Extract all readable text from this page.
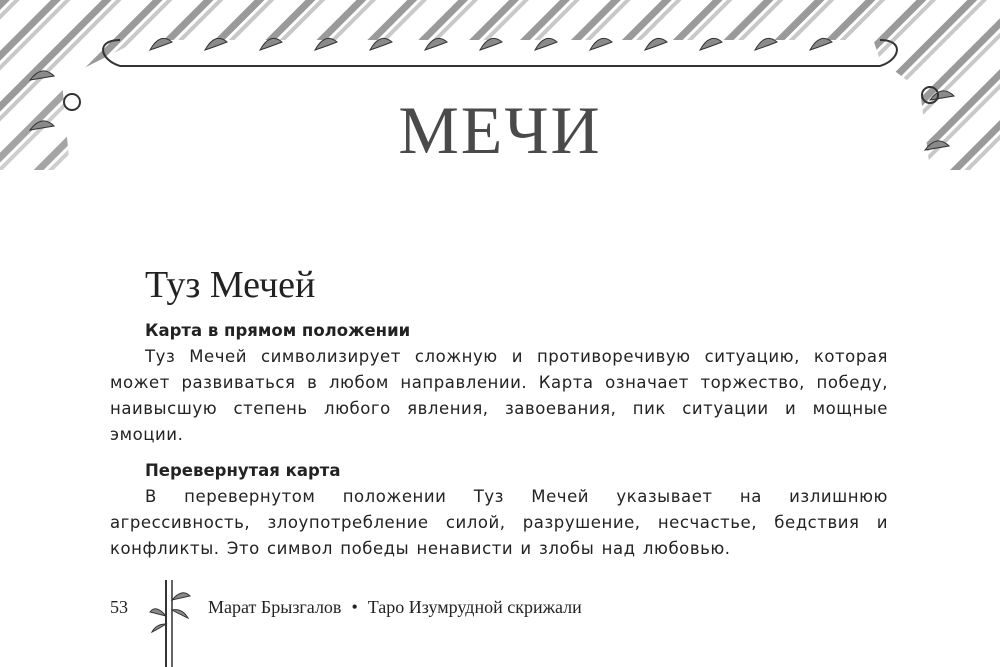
МЕЧИ
Туз Мечей

Карта в прямом положении

Туз Мечей символизирует сложную и противоречивую ситуацию, которая может развиваться в любом направлении. Карта означает торжество, победу, наивысшую степень любого явления, завоевания, пик ситуации и мощные эмоции.

Перевернутая карта

В перевернутом положении Туз Мечей указывает на излишнюю агрессивность, злоупотребление силой, разрушение, несчастье, бедствия и конфликты. Это символ победы ненависти и злобы над любовью.

53	Марат Брызгалов • Таро Изумрудной скрижали
